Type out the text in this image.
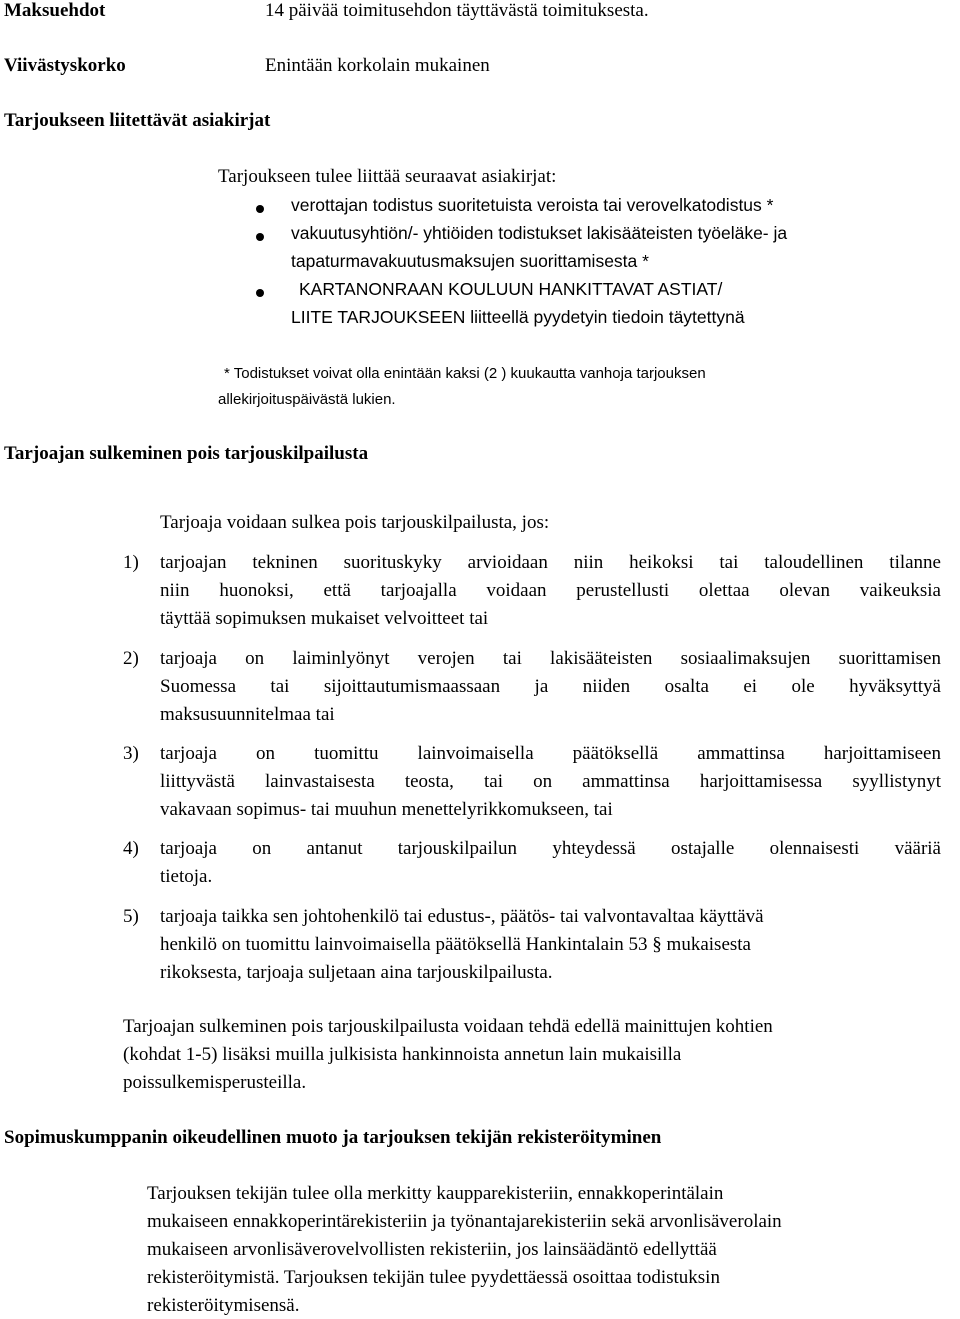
Maksuehdot	14 päivää toimitusehdon täyttävästä toimituksesta.
Viivästyskorko	Enintään korkolain mukainen
Tarjoukseen liitettävät asiakirjat
Tarjoukseen tulee liittää seuraavat asiakirjat:
verottajan todistus suoritetuista veroista tai verovelkatodistus *
vakuutusyhtiön/- yhtiöiden todistukset lakisääteisten työeläke- ja
tapaturmavakuutusmaksujen suorittamisesta *
KARTANONRAAN KOULUUN HANKITTAVAT ASTIAT/
LIITE TARJOUKSEEN liitteellä pyydetyin tiedoin täytettynä
* Todistukset voivat olla enintään kaksi (2 ) kuukautta vanhoja tarjouksen
allekirjoituspäivästä lukien.
Tarjoajan sulkeminen pois tarjouskilpailusta
Tarjoaja voidaan sulkea pois tarjouskilpailusta, jos:
1) tarjoajan tekninen suorituskyky arvioidaan niin heikoksi tai taloudellinen tilanne
niin huonoksi, että tarjoajalla voidaan perustellusti olettaa olevan vaikeuksia
täyttää sopimuksen mukaiset velvoitteet tai
2) tarjoaja on laiminlyönyt verojen tai lakisääteisten sosiaalimaksujen suorittamisen
Suomessa tai sijoittautumismaassaan ja niiden osalta ei ole hyväksyttyä
maksusuunnitelmaa tai
3) tarjoaja on tuomittu lainvoimaisella päätöksellä ammattinsa harjoittamiseen
liittyvästä lainvastaisesta teosta, tai on ammattinsa harjoittamisessa syyllistynyt
vakavaan sopimus- tai muuhun menettelyrikkomukseen, tai
4) tarjoaja on antanut tarjouskilpailun yhteydessä ostajalle olennaisesti vääriä
tietoja.
5) tarjoaja taikka sen johtohenkilö tai edustus-, päätös- tai valvontavaltaa käyttävä
henkilö on tuomittu lainvoimaisella päätöksellä Hankintalain 53 § mukaisesta
rikoksesta, tarjoaja suljetaan aina tarjouskilpailusta.
Tarjoajan sulkeminen pois tarjouskilpailusta voidaan tehdä edellä mainittujen kohtien
(kohdat 1-5) lisäksi muilla julkisista hankinnoista annetun lain mukaisilla
poissulkemisperusteilla.
Sopimuskumppanin oikeudellinen muoto ja tarjouksen tekijän rekisteröityminen
Tarjouksen tekijän tulee olla merkitty kaupparekisteriin, ennakkoperintälain
mukaiseen ennakkoperintärekisteriin ja työnantajarekisteriin sekä arvonlisäverolain
mukaiseen arvonlisäverovelvollisten rekisteriin, jos lainsäädäntö edellyttää
rekisteröitymistä. Tarjouksen tekijän tulee pyydettäessä osoittaa todistuksin
rekisteröitymisensä.
